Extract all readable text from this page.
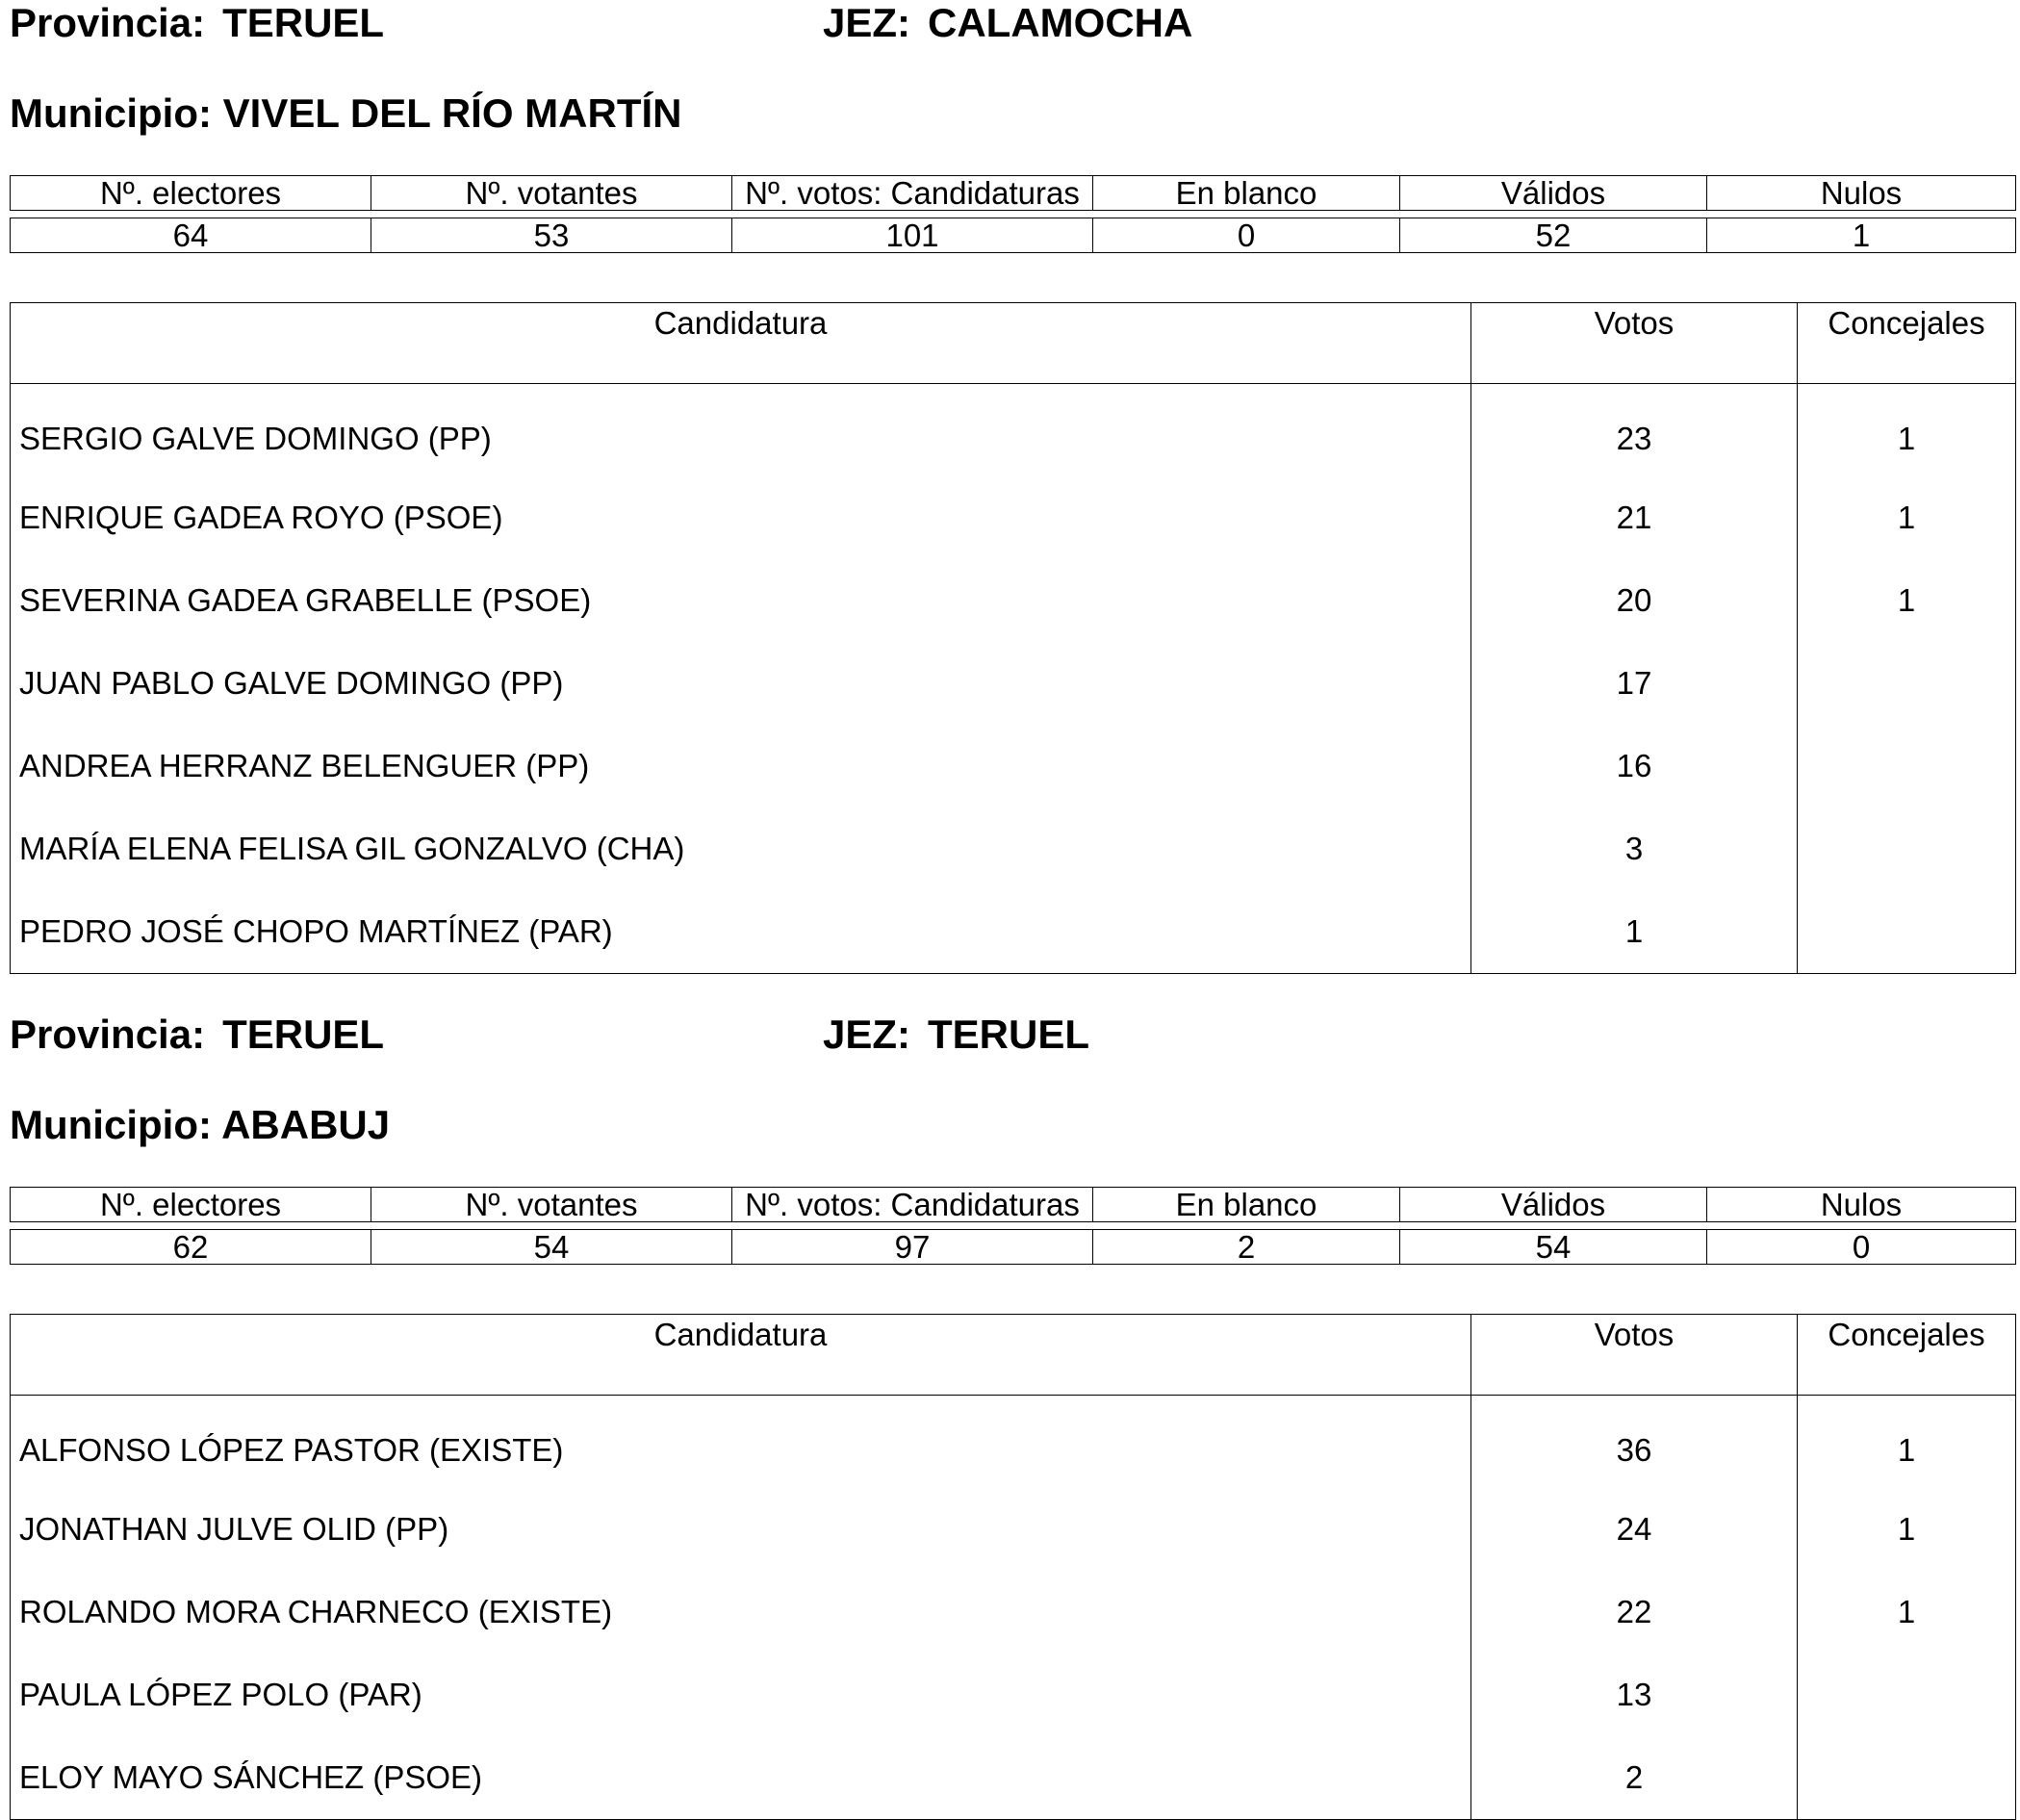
Provincia: TERUEL	JEZ: CALAMOCHA
Municipio: VIVEL DEL RÍO MARTÍN
Nº. electores	Nº. votantes	Nº. votos: Candidaturas	En blanco	Válidos	Nulos

64	53	101	0	52	1
Candidatura	Votos	Concejales
SERGIO GALVE DOMINGO (PP)	23	1
ENRIQUE GADEA ROYO (PSOE)	21	1
SEVERINA GADEA GRABELLE (PSOE)	20	1
JUAN PABLO GALVE DOMINGO (PP)	17	
ANDREA HERRANZ BELENGUER (PP)	16	
MARÍA ELENA FELISA GIL GONZALVO (CHA)	3	
PEDRO JOSÉ CHOPO MARTÍNEZ (PAR)	1	
Provincia: TERUEL	JEZ: TERUEL
Municipio: ABABUJ
Nº. electores	Nº. votantes	Nº. votos: Candidaturas	En blanco	Válidos	Nulos

62	54	97	2	54	0
Candidatura	Votos	Concejales
ALFONSO LÓPEZ PASTOR (EXISTE)	36	1
JONATHAN JULVE OLID (PP)	24	1
ROLANDO MORA CHARNECO (EXISTE)	22	1
PAULA LÓPEZ POLO (PAR)	13	
ELOY MAYO SÁNCHEZ (PSOE)	2	
